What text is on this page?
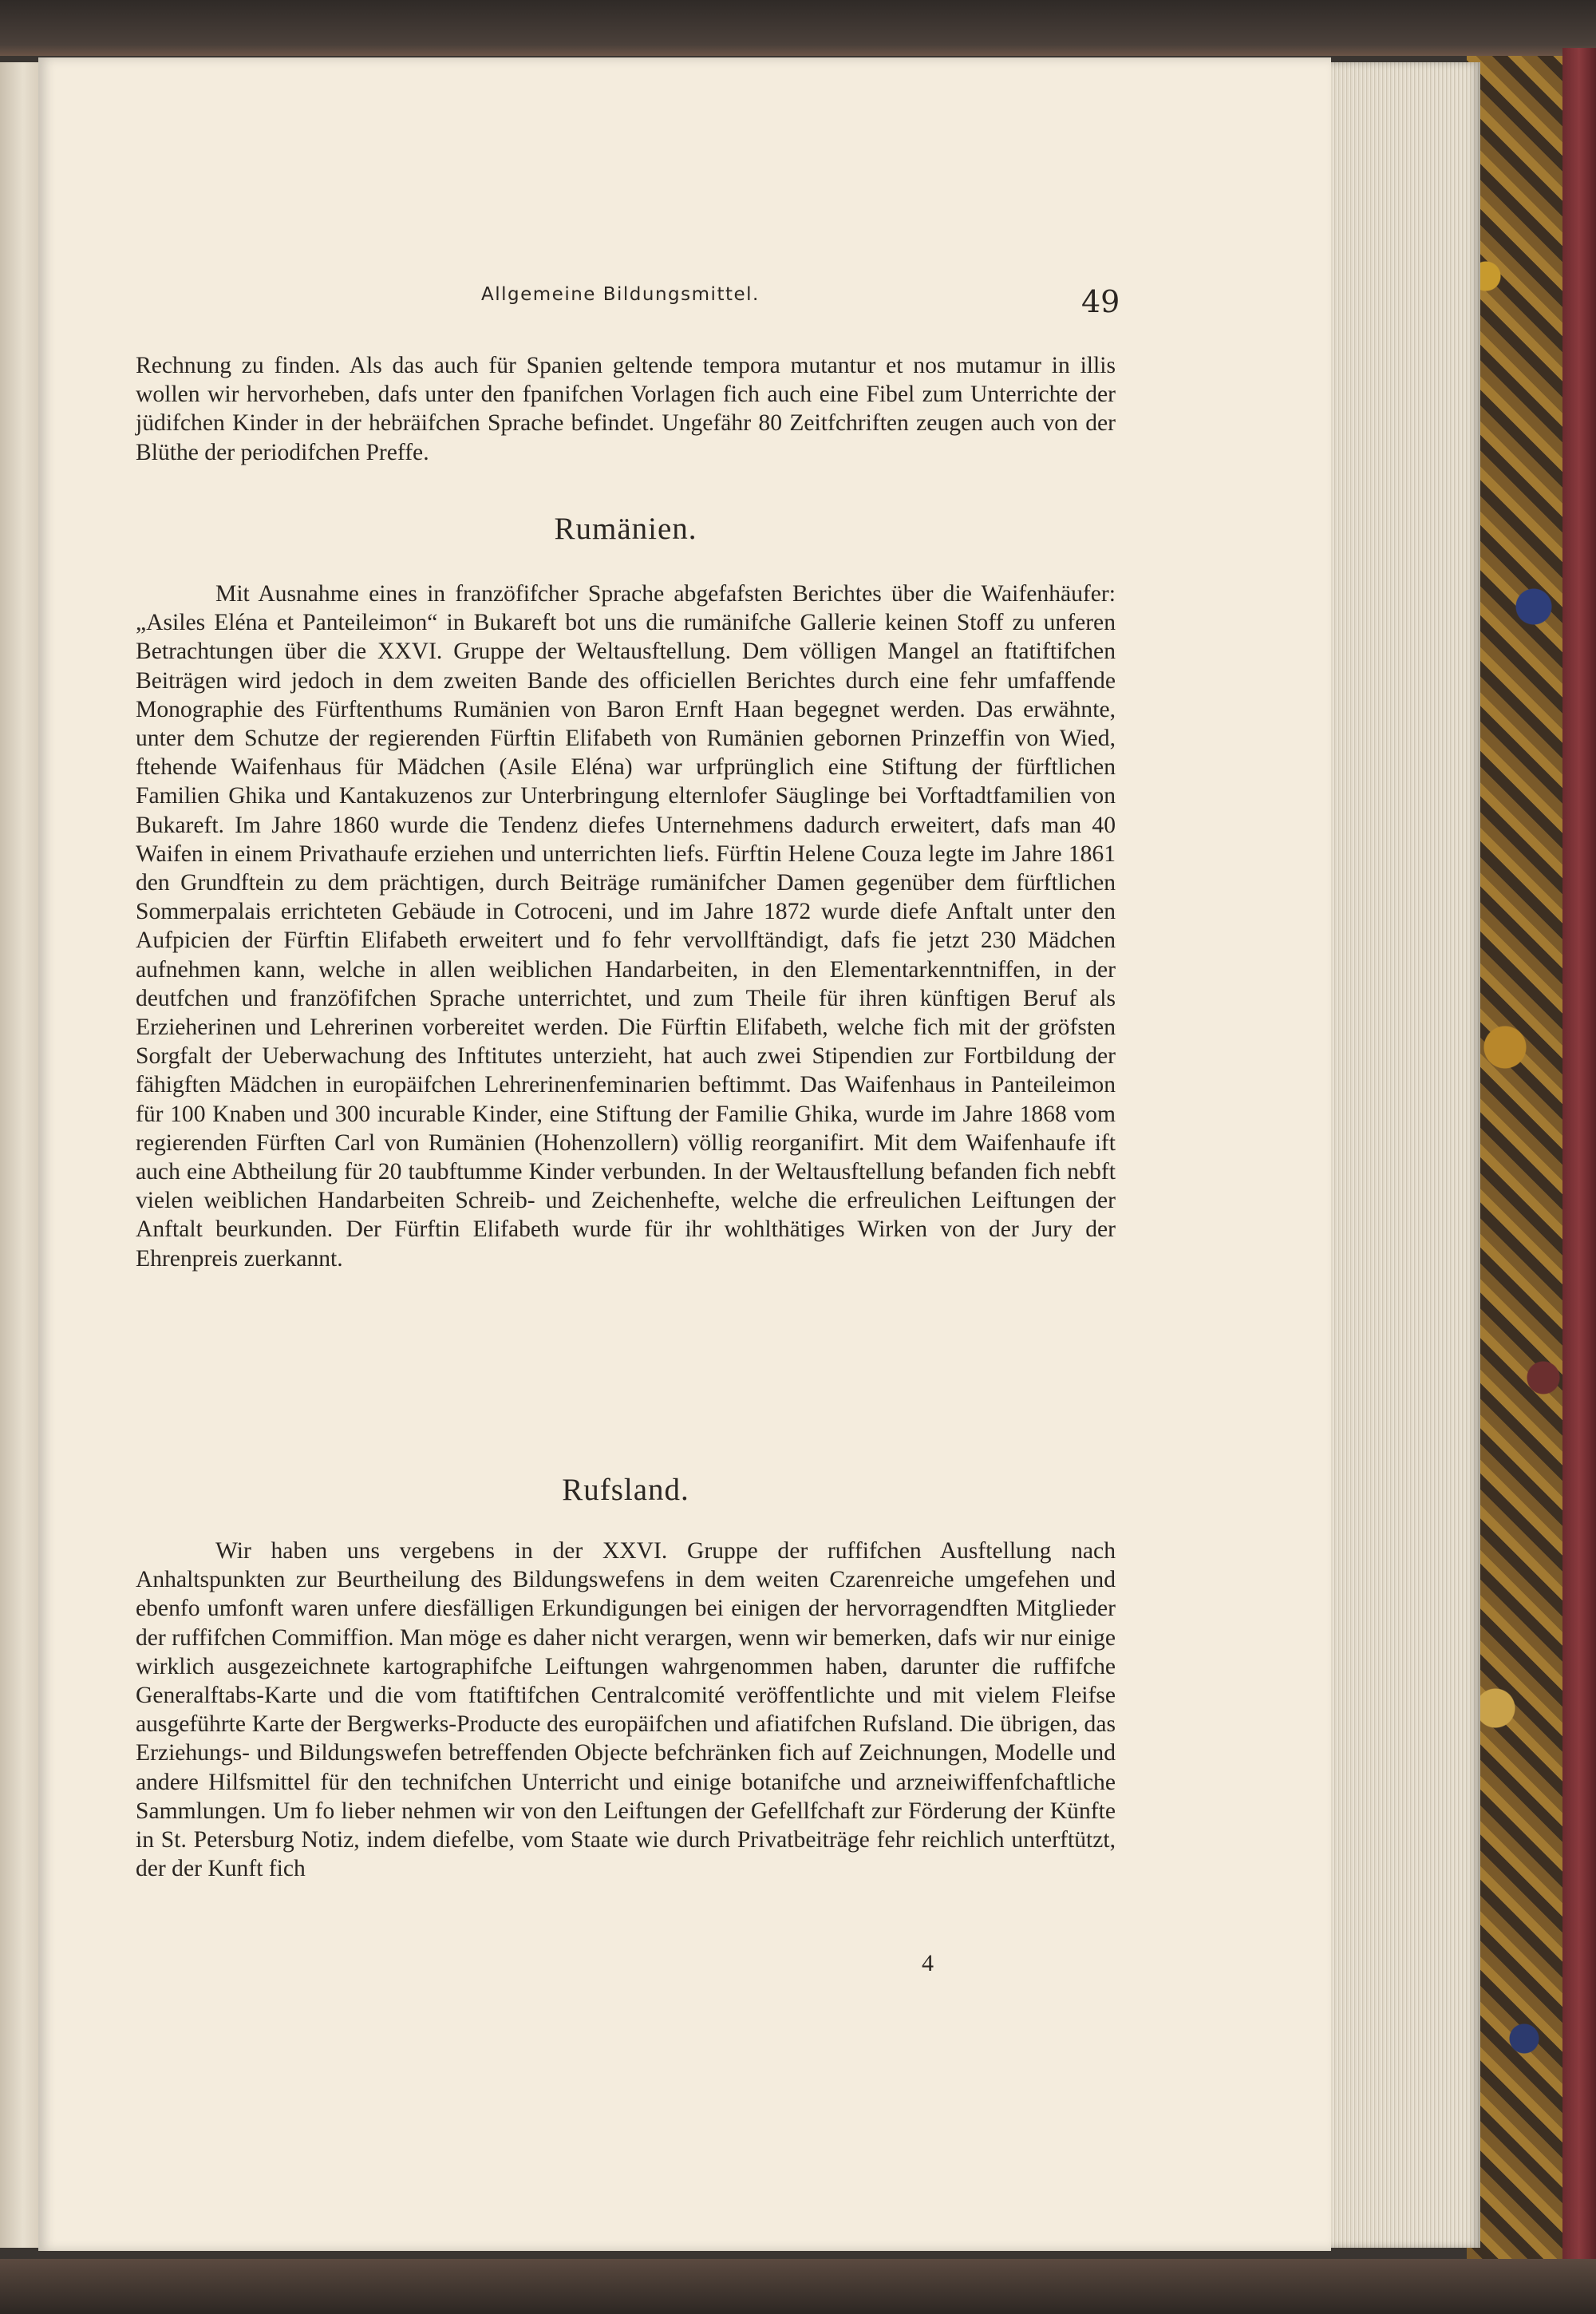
Allgemeine Bildungsmittel.	49

Rechnung zu finden. Als das auch für Spanien geltende tempora mutantur et nos mutamur in illis wollen wir hervorheben, dafs unter den fpanifchen Vorlagen fich auch eine Fibel zum Unterrichte der jüdifchen Kinder in der hebräifchen Sprache befindet. Ungefähr 80 Zeitfchriften zeugen auch von der Blüthe der periodifchen Preffe.

Rumänien.

Mit Ausnahme eines in franzöfifcher Sprache abgefafsten Berichtes über die Waifenhäufer: „Asiles Eléna et Panteileimon“ in Bukareft bot uns die rumänifche Gallerie keinen Stoff zu unferen Betrachtungen über die XXVI. Gruppe der Weltausftellung. Dem völligen Mangel an ftatiftifchen Beiträgen wird jedoch in dem zweiten Bande des officiellen Berichtes durch eine fehr umfaffende Monographie des Fürftenthums Rumänien von Baron Ernft Haan begegnet werden. Das erwähnte, unter dem Schutze der regierenden Fürftin Elifabeth von Rumänien gebornen Prinzeffin von Wied, ftehende Waifenhaus für Mädchen (Asile Eléna) war urfprünglich eine Stiftung der fürftlichen Familien Ghika und Kantakuzenos zur Unterbringung elternlofer Säuglinge bei Vorftadtfamilien von Bukareft. Im Jahre 1860 wurde die Tendenz diefes Unternehmens dadurch erweitert, dafs man 40 Waifen in einem Privathaufe erziehen und unterrichten liefs. Fürftin Helene Couza legte im Jahre 1861 den Grundftein zu dem prächtigen, durch Beiträge rumänifcher Damen gegenüber dem fürftlichen Sommerpalais errichteten Gebäude in Cotroceni, und im Jahre 1872 wurde diefe Anftalt unter den Aufpicien der Fürftin Elifabeth erweitert und fo fehr vervollftändigt, dafs fie jetzt 230 Mädchen aufnehmen kann, welche in allen weiblichen Handarbeiten, in den Elementarkenntniffen, in der deutfchen und franzöfifchen Sprache unterrichtet, und zum Theile für ihren künftigen Beruf als Erzieherinen und Lehrerinen vorbereitet werden. Die Fürftin Elifabeth, welche fich mit der gröfsten Sorgfalt der Ueberwachung des Inftitutes unterzieht, hat auch zwei Stipendien zur Fortbildung der fähigften Mädchen in europäifchen Lehrerinenfeminarien beftimmt. Das Waifenhaus in Panteileimon für 100 Knaben und 300 incurable Kinder, eine Stiftung der Familie Ghika, wurde im Jahre 1868 vom regierenden Fürften Carl von Rumänien (Hohenzollern) völlig reorganifirt. Mit dem Waifenhaufe ift auch eine Abtheilung für 20 taubftumme Kinder verbunden. In der Weltausftellung befanden fich nebft vielen weiblichen Handarbeiten Schreib- und Zeichenhefte, welche die erfreulichen Leiftungen der Anftalt beurkunden. Der Fürftin Elifabeth wurde für ihr wohlthätiges Wirken von der Jury der Ehrenpreis zuerkannt.

Rufsland.

Wir haben uns vergebens in der XXVI. Gruppe der ruffifchen Ausftellung nach Anhaltspunkten zur Beurtheilung des Bildungswefens in dem weiten Czarenreiche umgefehen und ebenfo umfonft waren unfere diesfälligen Erkundigungen bei einigen der hervorragendften Mitglieder der ruffifchen Commiffion. Man möge es daher nicht verargen, wenn wir bemerken, dafs wir nur einige wirklich ausgezeichnete kartographifche Leiftungen wahrgenommen haben, darunter die ruffifche Generalftabs-Karte und die vom ftatiftifchen Centralcomité veröffentlichte und mit vielem Fleifse ausgeführte Karte der Bergwerks-Producte des europäifchen und afiatifchen Rufsland. Die übrigen, das Erziehungs- und Bildungswefen betreffenden Objecte befchränken fich auf Zeichnungen, Modelle und andere Hilfsmittel für den technifchen Unterricht und einige botanifche und arzneiwiffenfchaftliche Sammlungen. Um fo lieber nehmen wir von den Leiftungen der Gefellfchaft zur Förderung der Künfte in St. Petersburg Notiz, indem diefelbe, vom Staate wie durch Privatbeiträge fehr reichlich unterftützt, der der Kunft fich

4
